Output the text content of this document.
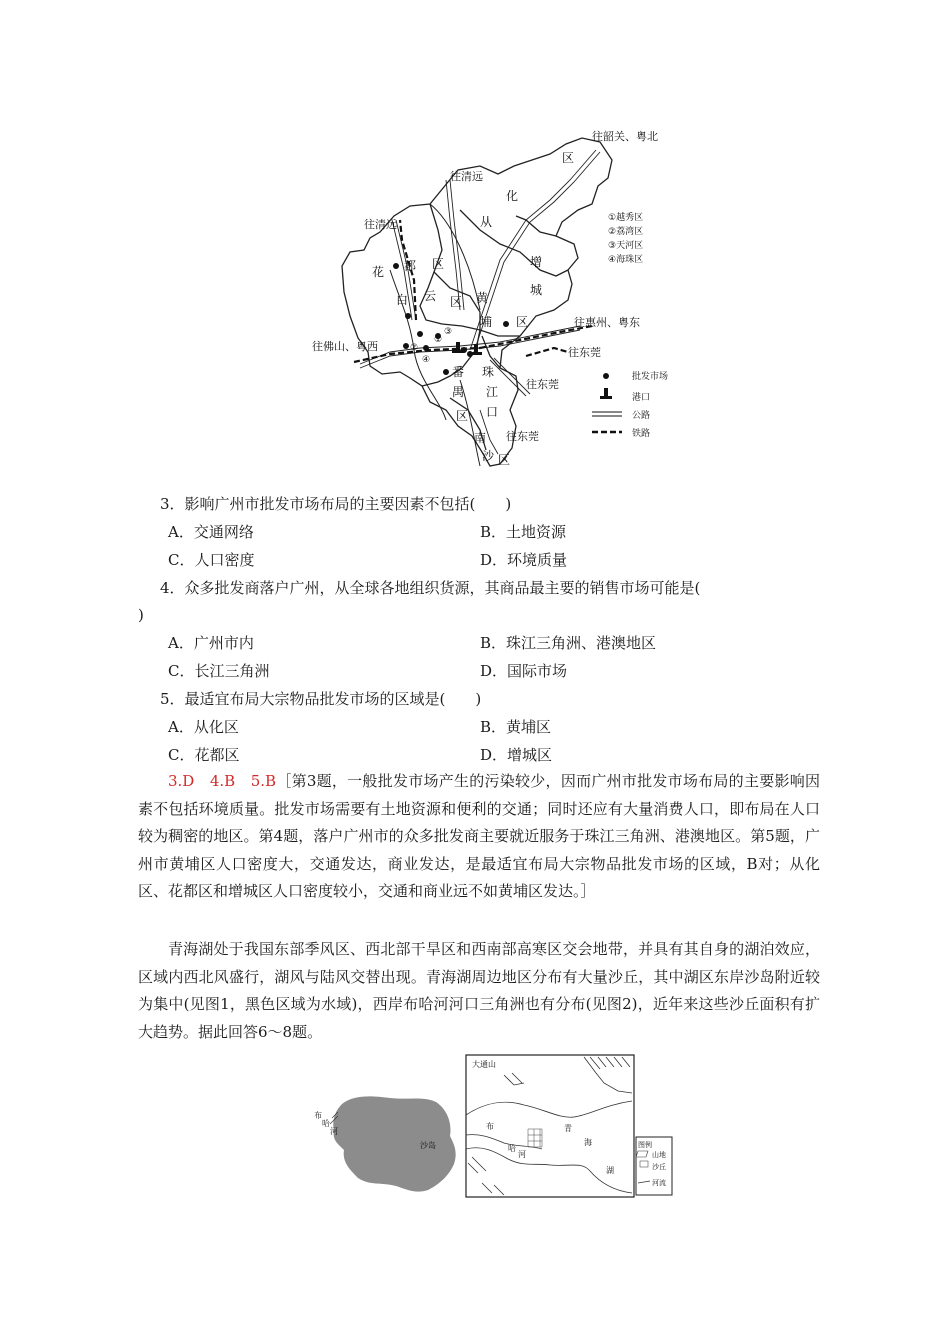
往韶关、粤北
往清远
往清远
往惠州、粤东
往东莞
往东莞
往东莞
往佛山、粤西
区
化
从
花 都 区	增
城
白 云 区 黄
埔 区
番
禺
区
珠
江
口
南
沙 区
②
④
①
③
①越秀区
②荔湾区
③天河区
④海珠区
批发市场
港口
公路
铁路
3．影响广州市批发市场布局的主要因素不包括(　　)
A．交通网络	B．土地资源
C．人口密度	D．环境质量
4．众多批发商落户广州，从全球各地组织货源，其商品最主要的销售市场可能是(
)
A．广州市内	B．珠江三角洲、港澳地区
C．长江三角洲	D．国际市场
5．最适宜布局大宗物品批发市场的区域是(　　)
A．从化区	B．黄埔区
C．花都区	D．增城区
3.D　4.B　5.B［第3题，一般批发市场产生的污染较少，因而广州市批发市场布局的主要影响因素不包括环境质量。批发市场需要有土地资源和便利的交通；同时还应有大量消费人口，即布局在人口较为稠密的地区。第4题，落户广州市的众多批发商主要就近服务于珠江三角洲、港澳地区。第5题，广州市黄埔区人口密度大，交通发达，商业发达，是最适宜布局大宗物品批发市场的区域，B对；从化区、花都区和增城区人口密度较小，交通和商业远不如黄埔区发达。］
青海湖处于我国东部季风区、西北部干旱区和西南部高寒区交会地带，并具有其自身的湖泊效应，区域内西北风盛行，湖风与陆风交替出现。青海湖周边地区分布有大量沙丘，其中湖区东岸沙岛附近较为集中(见图1，黑色区域为水域)，西岸布哈河河口三角洲也有分布(见图2)，近年来这些沙丘面积有扩大趋势。据此回答6～8题。
布
哈
河
沙岛
大通山
布
哈
河
青
海
湖
图例
山地
沙丘
河流
